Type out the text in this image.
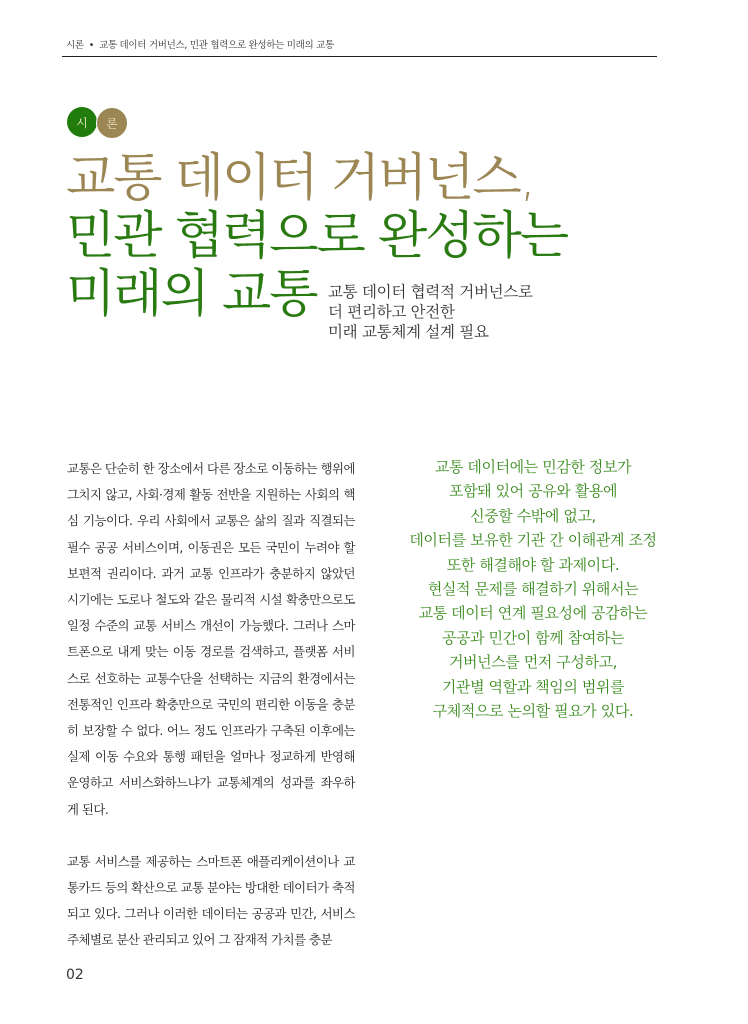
시론 • 교통 데이터 거버넌스, 민관 협력으로 완성하는 미래의 교통
시	론
교통 데이터 거버넌스,
민관 협력으로 완성하는
미래의 교통 교통 데이터 협력적 거버넌스로
더 편리하고 안전한
미래 교통체계 설계 필요

교통은 단순히 한 장소에서 다른 장소로 이동하는 행위에 그치지 않고, 사회·경제 활동 전반을 지원하는 사회의 핵심 기능이다. 우리 사회에서 교통은 삶의 질과 직결되는 필수 공공 서비스이며, 이동권은 모든 국민이 누려야 할 보편적 권리이다. 과거 교통 인프라가 충분하지 않았던 시기에는 도로나 철도와 같은 물리적 시설 확충만으로도 일정 수준의 교통 서비스 개선이 가능했다. 그러나 스마트폰으로 내게 맞는 이동 경로를 검색하고, 플랫폼 서비스로 선호하는 교통수단을 선택하는 지금의 환경에서는 전통적인 인프라 확충만으로 국민의 편리한 이동을 충분히 보장할 수 없다. 어느 정도 인프라가 구축된 이후에는 실제 이동 수요와 통행 패턴을 얼마나 정교하게 반영해 운영하고 서비스화하느냐가 교통체계의 성과를 좌우하게 된다.

교통 서비스를 제공하는 스마트폰 애플리케이션이나 교통카드 등의 확산으로 교통 분야는 방대한 데이터가 축적되고 있다. 그러나 이러한 데이터는 공공과 민간, 서비스 주체별로 분산 관리되고 있어 그 잠재적 가치를 충분

교통 데이터에는 민감한 정보가
포함돼 있어 공유와 활용에
신중할 수밖에 없고,
데이터를 보유한 기관 간 이해관계 조정
또한 해결해야 할 과제이다.
현실적 문제를 해결하기 위해서는
교통 데이터 연계 필요성에 공감하는
공공과 민간이 함께 참여하는
거버넌스를 먼저 구성하고,
기관별 역할과 책임의 범위를
구체적으로 논의할 필요가 있다.
02
